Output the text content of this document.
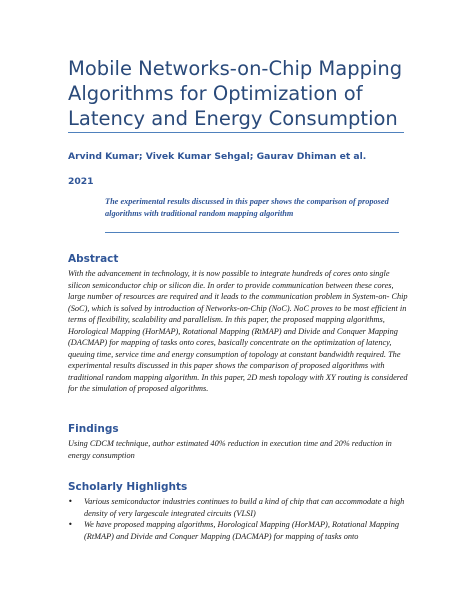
Mobile Networks-on-Chip Mapping Algorithms for Optimization of Latency and Energy Consumption
Arvind Kumar; Vivek Kumar Sehgal; Gaurav Dhiman et al.
2021
The experimental results discussed in this paper shows the comparison of proposed algorithms with traditional random mapping algorithm
Abstract
With the advancement in technology, it is now possible to integrate hundreds of cores onto single silicon semiconductor chip or silicon die. In order to provide communication between these cores, large number of resources are required and it leads to the communication problem in System-on- Chip (SoC), which is solved by introduction of Networks-on-Chip (NoC). NoC proves to be most efficient in terms of flexibility, scalability and parallelism. In this paper, the proposed mapping algorithms, Horological Mapping (HorMAP), Rotational Mapping (RtMAP) and Divide and Conquer Mapping (DACMAP) for mapping of tasks onto cores, basically concentrate on the optimization of latency, queuing time, service time and energy consumption of topology at constant bandwidth required. The experimental results discussed in this paper shows the comparison of proposed algorithms with traditional random mapping algorithm. In this paper, 2D mesh topology with XY routing is considered for the simulation of proposed algorithms.
Findings
Using CDCM technique, author estimated 40% reduction in execution time and 20% reduction in energy consumption
Scholarly Highlights
• Various semiconductor industries continues to build a kind of chip that can accommodate a high density of very largescale integrated circuits (VLSI)
• We have proposed mapping algorithms, Horological Mapping (HorMAP), Rotational Mapping (RtMAP) and Divide and Conquer Mapping (DACMAP) for mapping of tasks onto
